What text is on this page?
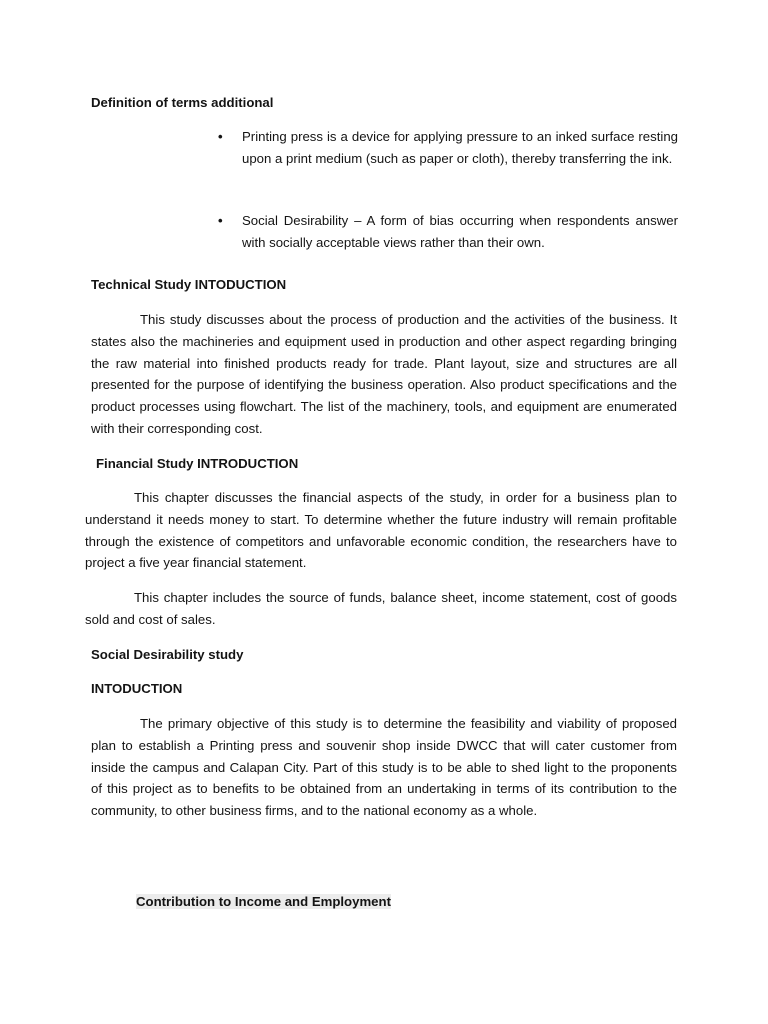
Definition of terms additional
•	Printing press is a device for applying pressure to an inked surface resting upon a print medium (such as paper or cloth), thereby transferring the ink.
•	Social Desirability – A form of bias occurring when respondents answer with socially acceptable views rather than their own.
Technical Study INTODUCTION
This study discusses about the process of production and the activities of the business. It states also the machineries and equipment used in production and other aspect regarding bringing the raw material into finished products ready for trade. Plant layout, size and structures are all presented for the purpose of identifying the business operation. Also product specifications and the product processes using flowchart. The list of the machinery, tools, and equipment are enumerated with their corresponding cost.
Financial Study INTRODUCTION
This chapter discusses the financial aspects of the study, in order for a business plan to understand it needs money to start. To determine whether the future industry will remain profitable through the existence of competitors and unfavorable economic condition, the researchers have to project a five year financial statement.
This chapter includes the source of funds, balance sheet, income statement, cost of goods sold and cost of sales.
Social Desirability study
INTODUCTION
The primary objective of this study is to determine the feasibility and viability of proposed plan to establish a Printing press and souvenir shop inside DWCC that will cater customer from inside the campus and Calapan City. Part of this study is to be able to shed light to the proponents of this project as to benefits to be obtained from an undertaking in terms of its contribution to the community, to other business firms, and to the national economy as a whole.
Contribution to Income and Employment
